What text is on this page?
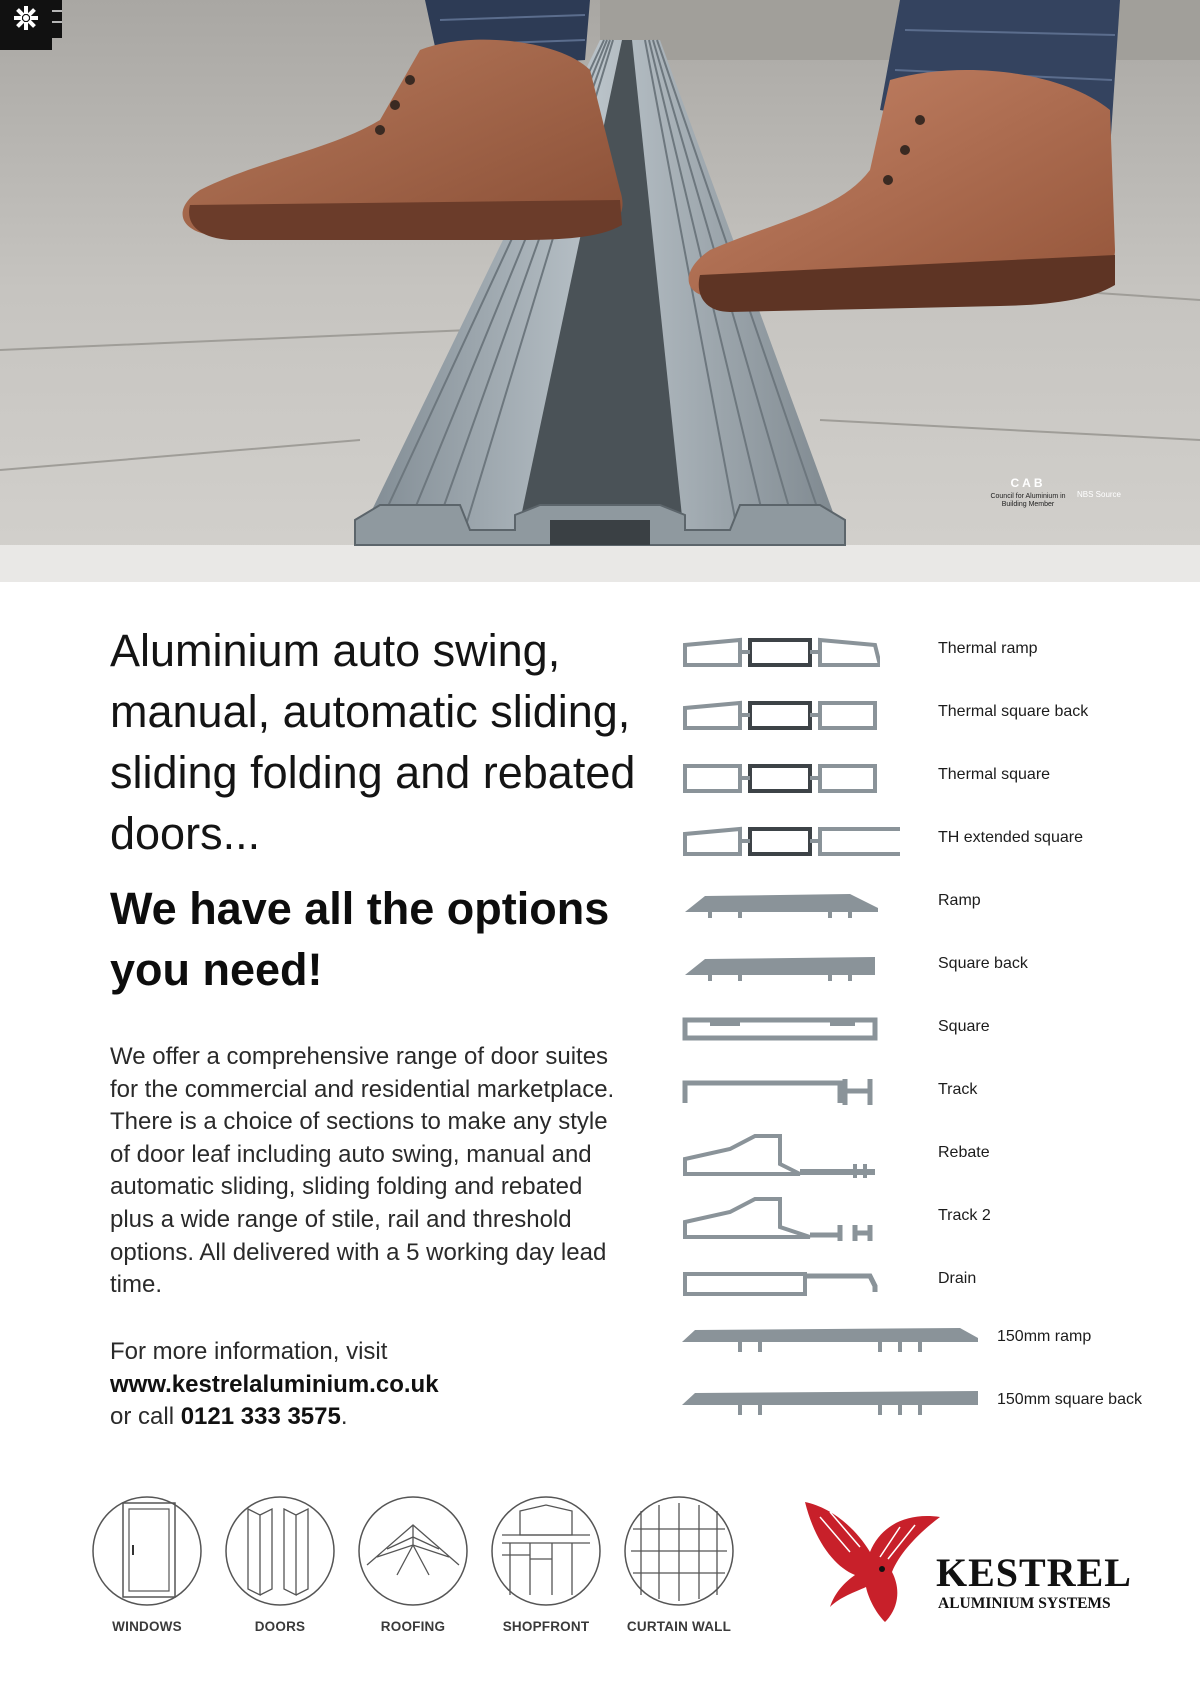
CAB
Council for Aluminium in Building Member
NBS Source
Aluminium auto swing, manual, automatic sliding, sliding folding and rebated doors...
We have all the options you need!

We offer a comprehensive range of door suites for the commercial and residential marketplace. There is a choice of sections to make any style of door leaf including auto swing, manual and automatic sliding, sliding folding and rebated plus a wide range of stile, rail and threshold options. All delivered with a 5 working day lead time.

For more information, visit
www.kestrelaluminium.co.uk
or call 0121 333 3575.
Thermal ramp
Thermal square back
Thermal square
TH extended square
Ramp
Square back
Square
Track
Rebate
Track 2
Drain
150mm ramp
150mm square back
WINDOWS	DOORS	ROOFING	SHOPFRONT	CURTAIN WALL
KESTREL
ALUMINIUM SYSTEMS
